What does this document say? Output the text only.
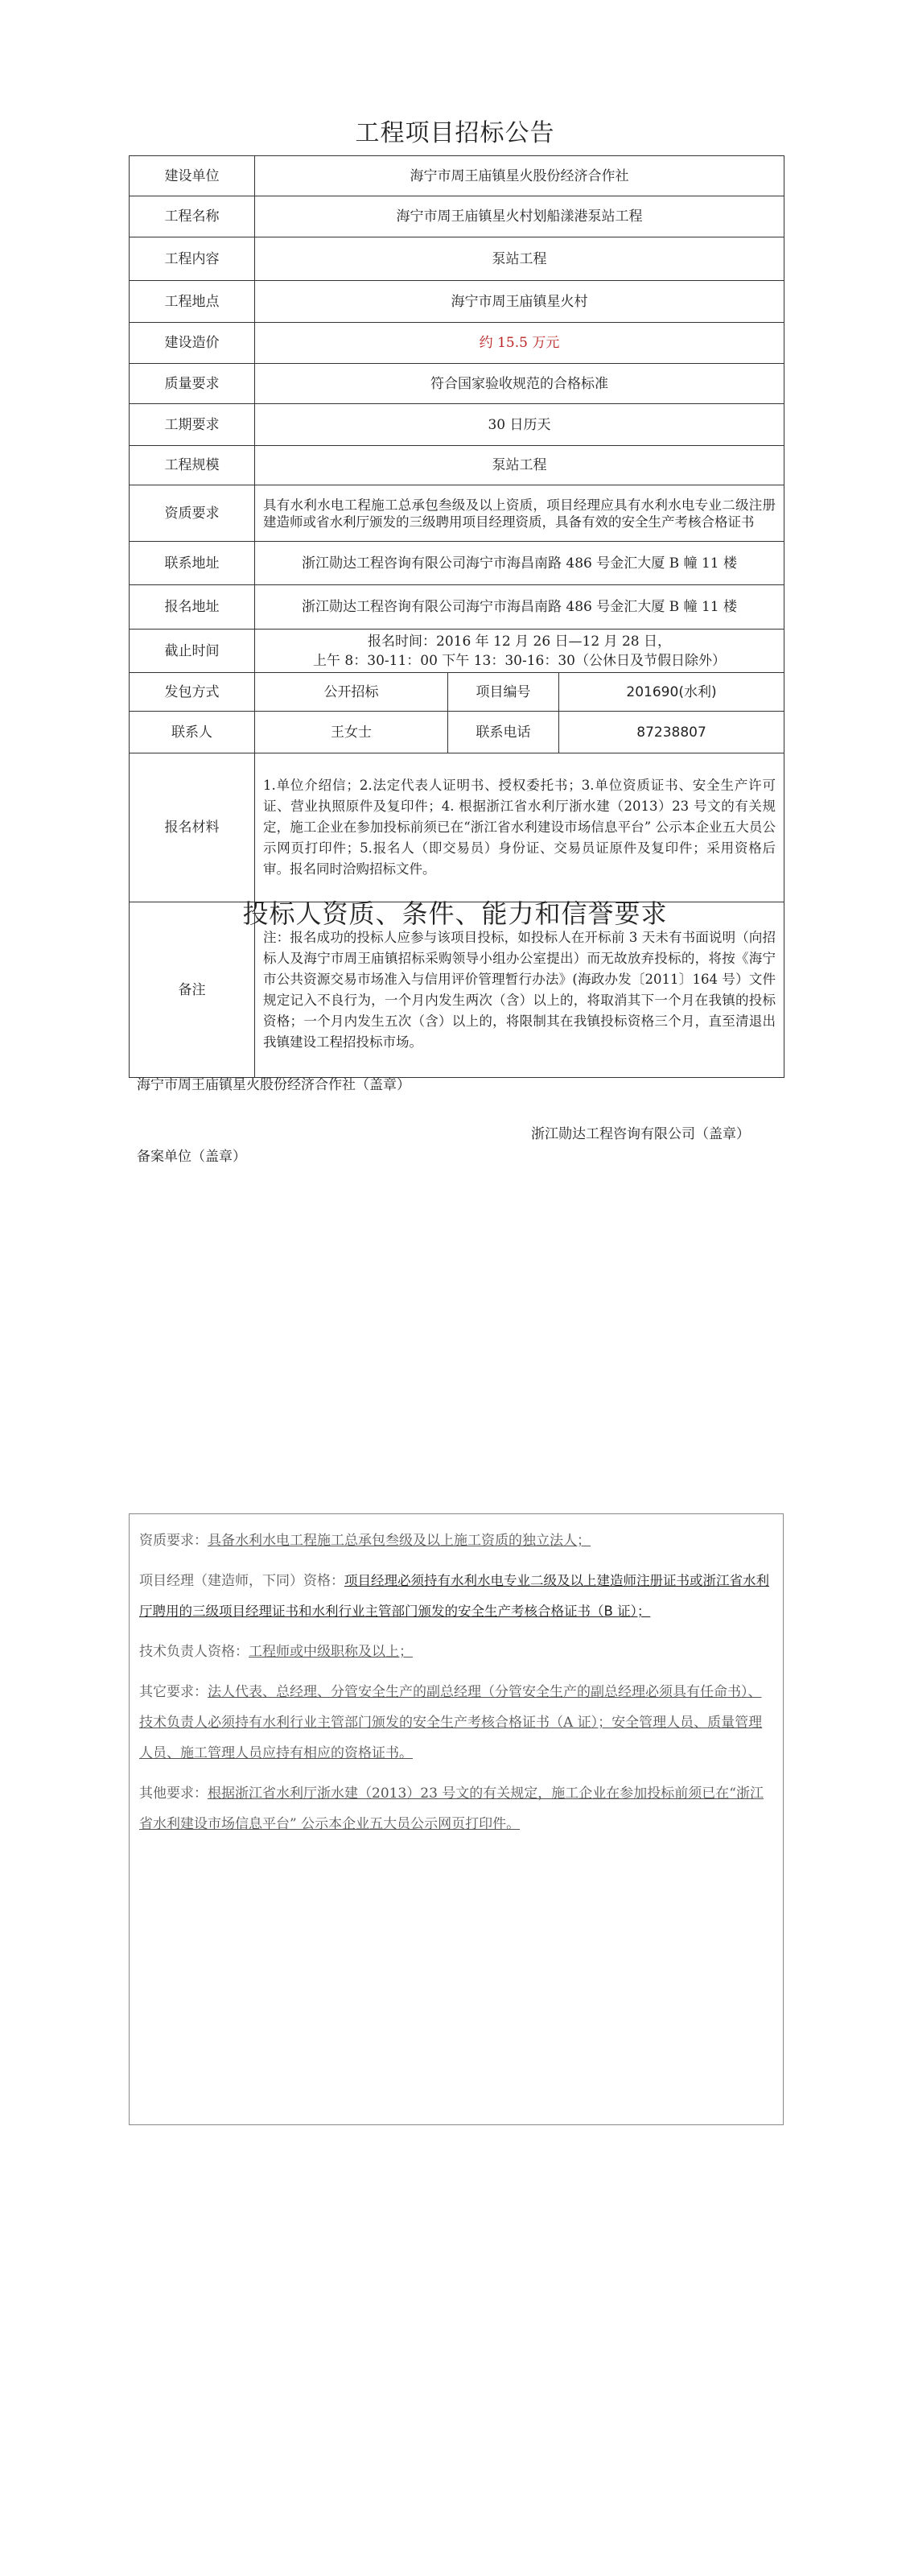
工程项目招标公告
建设单位	海宁市周王庙镇星火股份经济合作社		
工程名称	海宁市周王庙镇星火村划船漾港泵站工程		
工程内容	泵站工程		
工程地点	海宁市周王庙镇星火村		
建设造价	约 15.5 万元		
质量要求	符合国家验收规范的合格标准		
工期要求	30 日历天		
工程规模	泵站工程		
资质要求	具有水利水电工程施工总承包叁级及以上资质，项目经理应具有水利水电专业二级注册建造师或省水利厅颁发的三级聘用项目经理资质，具备有效的安全生产考核合格证书		
联系地址	浙江勋达工程咨询有限公司海宁市海昌南路 486 号金汇大厦 B 幢 11 楼		
报名地址	浙江勋达工程咨询有限公司海宁市海昌南路 486 号金汇大厦 B 幢 11 楼		
截止时间	报名时间：2016 年 12 月 26 日—12 月 28 日，
上午 8：30-11：00 下午 13：30-16：30（公休日及节假日除外）		

发包方式	公开招标	项目编号	201690(水利)
联系人	王女士	联系电话	87238807
报名材料	1.单位介绍信；2.法定代表人证明书、授权委托书；3.单位资质证书、安全生产许可证、营业执照原件及复印件；4. 根据浙江省水利厅浙水建（2013）23 号文的有关规定，施工企业在参加投标前须已在“浙江省水利建设市场信息平台” 公示本企业五大员公示网页打印件；5.报名人（即交易员）身份证、交易员证原件及复印件；采用资格后审。报名同时洽购招标文件。		
备注	注：报名成功的投标人应参与该项目投标，如投标人在开标前 3 天未有书面说明（向招标人及海宁市周王庙镇招标采购领导小组办公室提出）而无故放弃投标的，将按《海宁市公共资源交易市场准入与信用评价管理暂行办法》(海政办发〔2011〕164 号）文件规定记入不良行为，一个月内发生两次（含）以上的，将取消其下一个月在我镇的投标资格；一个月内发生五次（含）以上的，将限制其在我镇投标资格三个月，直至清退出我镇建设工程招投标市场。		
海宁市周王庙镇星火股份经济合作社（盖章）
浙江勋达工程咨询有限公司（盖章）
备案单位（盖章）
投标人资质、条件、能力和信誉要求

资质要求：具备水利水电工程施工总承包叁级及以上施工资质的独立法人；

项目经理（建造师，下同）资格：项目经理必须持有水利水电专业二级及以上建造师注册证书或浙江省水利厅聘用的三级项目经理证书和水利行业主管部门颁发的安全生产考核合格证书（B 证）；

技术负责人资格：工程师或中级职称及以上；

其它要求：法人代表、总经理、分管安全生产的副总经理（分管安全生产的副总经理必须具有任命书）、技术负责人必须持有水利行业主管部门颁发的安全生产考核合格证书（A 证）；安全管理人员、质量管理人员、施工管理人员应持有相应的资格证书。

其他要求：根据浙江省水利厅浙水建（2013）23 号文的有关规定，施工企业在参加投标前须已在“浙江省水利建设市场信息平台” 公示本企业五大员公示网页打印件。
